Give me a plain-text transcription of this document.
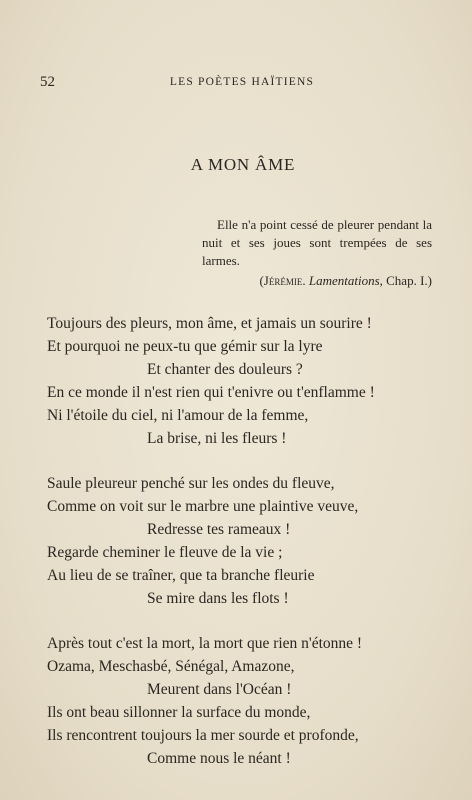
52	LES POÈTES HAÏTIENS
A MON ÂME

Elle n'a point cessé de pleurer pendant la nuit et ses joues sont trempées de ses larmes.

(Jérémie. Lamentations, Chap. I.)

Toujours des pleurs, mon âme, et jamais un sourire !
Et pourquoi ne peux-tu que gémir sur la lyre
Et chanter des douleurs ?
En ce monde il n'est rien qui t'enivre ou t'enflamme !
Ni l'étoile du ciel, ni l'amour de la femme,
La brise, ni les fleurs !
Saule pleureur penché sur les ondes du fleuve,
Comme on voit sur le marbre une plaintive veuve,
Redresse tes rameaux !
Regarde cheminer le fleuve de la vie ;
Au lieu de se traîner, que ta branche fleurie
Se mire dans les flots !
Après tout c'est la mort, la mort que rien n'étonne !
Ozama, Meschasbé, Sénégal, Amazone,
Meurent dans l'Océan !
Ils ont beau sillonner la surface du monde,
Ils rencontrent toujours la mer sourde et profonde,
Comme nous le néant !
